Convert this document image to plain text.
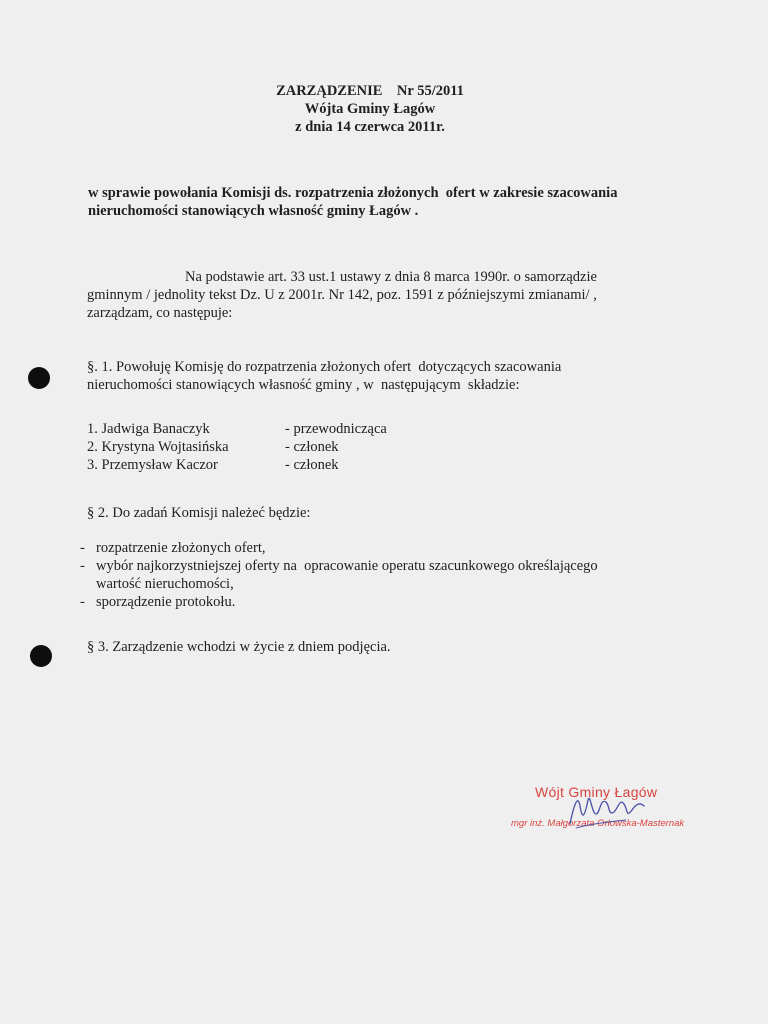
ZARZĄDZENIE    Nr 55/2011
Wójta Gminy Łagów
z dnia 14 czerwca 2011r.
w sprawie powołania Komisji ds. rozpatrzenia złożonych  ofert w zakresie szacowania
nieruchomości stanowiących własność gminy Łagów .
Na podstawie art. 33 ust.1 ustawy z dnia 8 marca 1990r. o samorządzie
gminnym / jednolity tekst Dz. U z 2001r. Nr 142, poz. 1591 z późniejszymi zmianami/ ,
zarządzam, co następuje:
§. 1. Powołuję Komisję do rozpatrzenia złożonych ofert  dotyczących szacowania
nieruchomości stanowiących własność gminy , w  następującym  składzie:
1. Jadwiga Banaczyk	- przewodnicząca
2. Krystyna Wojtasińska	- członek
3. Przemysław Kaczor	- członek
§ 2. Do zadań Komisji należeć będzie:
- rozpatrzenie złożonych ofert,
- wybór najkorzystniejszej oferty na  opracowanie operatu szacunkowego określającego
wartość nieruchomości,
- sporządzenie protokołu.
§ 3. Zarządzenie wchodzi w życie z dniem podjęcia.
Wójt Gminy Łagów
mgr inż. Małgorzata Orłowska-Masternak
